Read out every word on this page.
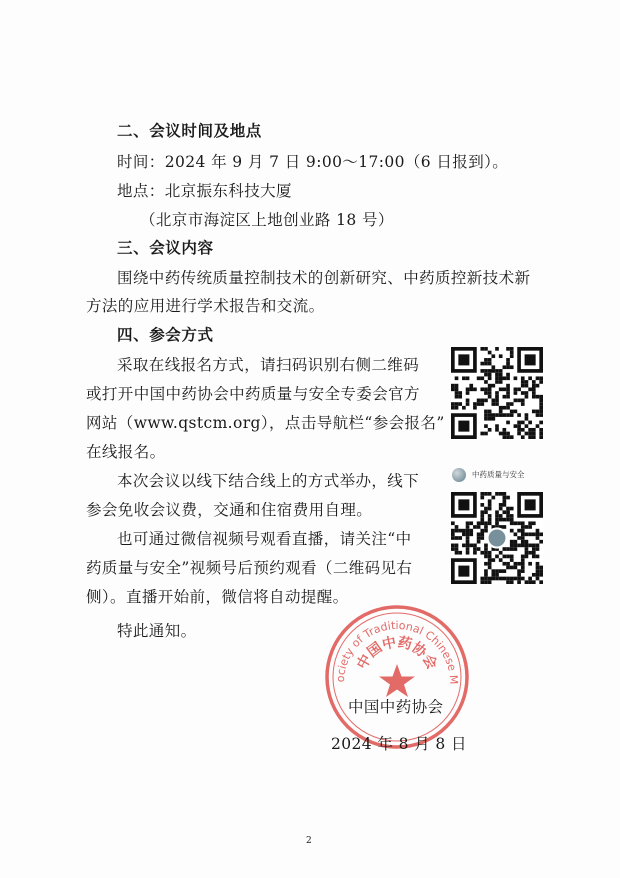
二、会议时间及地点
时间：2024 年 9 月 7 日 9:00～17:00（6 日报到）。
地点：北京振东科技大厦
（北京市海淀区上地创业路 18 号）
三、会议内容
围绕中药传统质量控制技术的创新研究、中药质控新技术新
方法的应用进行学术报告和交流。
四、参会方式
采取在线报名方式，请扫码识别右侧二维码
或打开中国中药协会中药质量与安全专委会官方
网站（www.qstcm.org），点击导航栏“参会报名”
在线报名。
本次会议以线下结合线上的方式举办，线下
参会免收会议费，交通和住宿费用自理。
也可通过微信视频号观看直播，请关注“中
药质量与安全”视频号后预约观看（二维码见右
侧）。直播开始前，微信将自动提醒。
特此通知。
中药质量与安全
ociety of Traditional Chinese M
中国中药协会
中国中药协会
2024 年 8 月 8 日
2
